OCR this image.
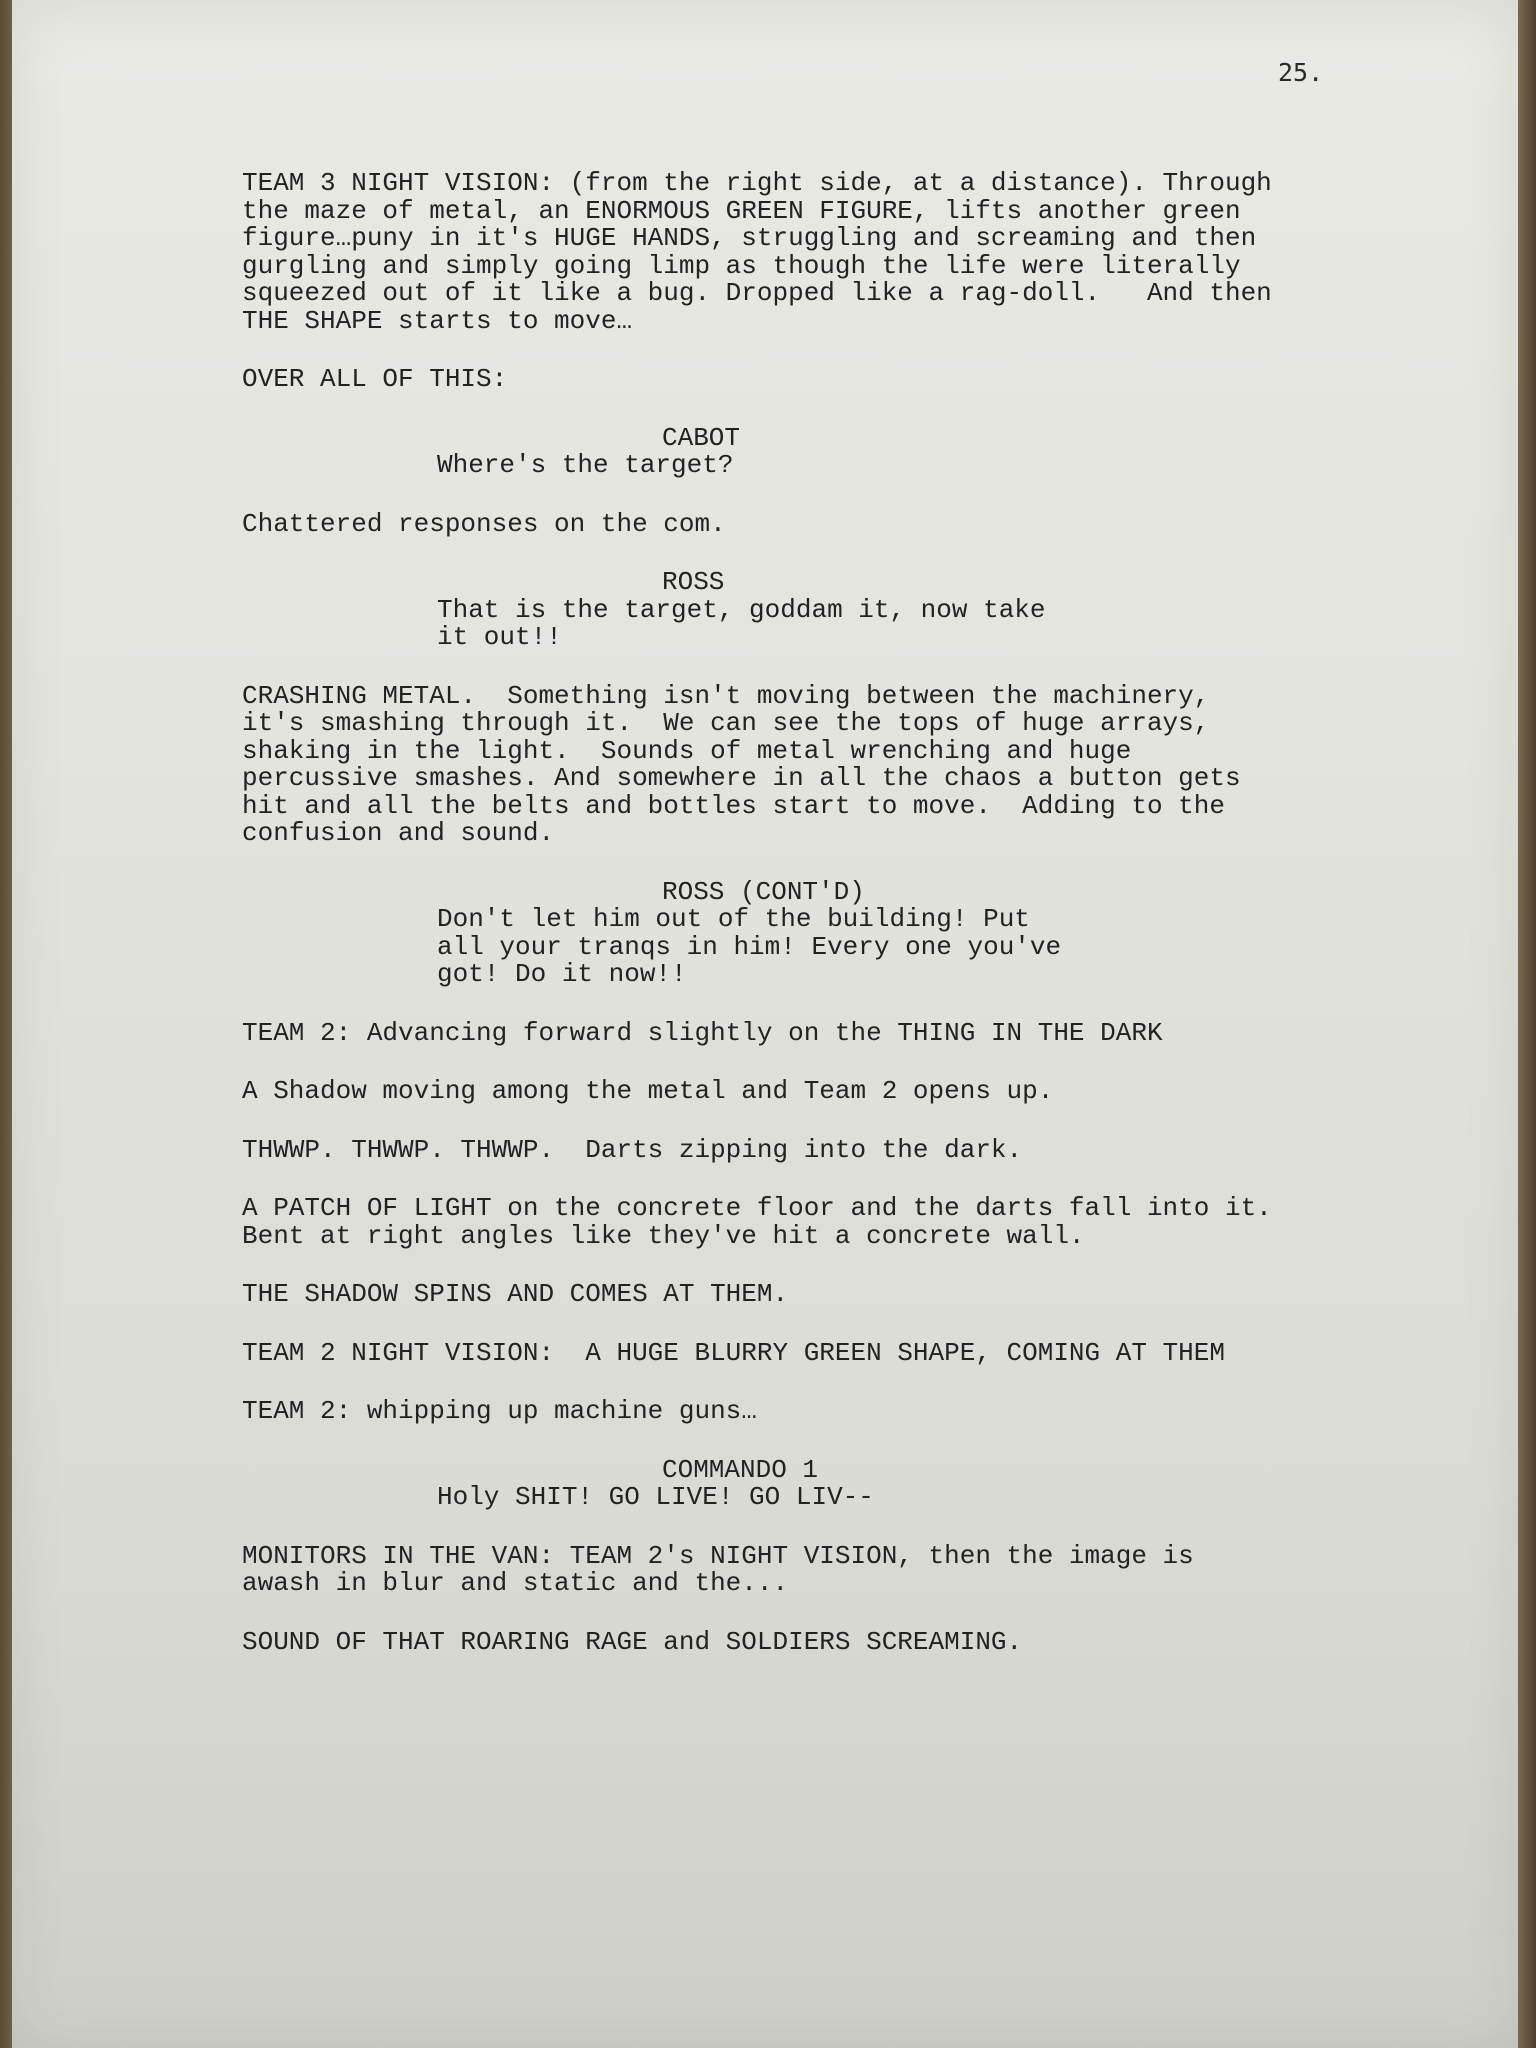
25.
TEAM 3 NIGHT VISION: (from the right side, at a distance). Through
the maze of metal, an ENORMOUS GREEN FIGURE, lifts another green
figure…puny in it's HUGE HANDS, struggling and screaming and then
gurgling and simply going limp as though the life were literally
squeezed out of it like a bug. Dropped like a rag-doll.   And then
THE SHAPE starts to move…
OVER ALL OF THIS:
CABOT
Where's the target?
Chattered responses on the com.
ROSS
That is the target, goddam it, now take
it out!!
CRASHING METAL.  Something isn't moving between the machinery,
it's smashing through it.  We can see the tops of huge arrays,
shaking in the light.  Sounds of metal wrenching and huge
percussive smashes. And somewhere in all the chaos a button gets
hit and all the belts and bottles start to move.  Adding to the
confusion and sound.
ROSS (CONT'D)
Don't let him out of the building! Put
all your tranqs in him! Every one you've
got! Do it now!!
TEAM 2: Advancing forward slightly on the THING IN THE DARK
A Shadow moving among the metal and Team 2 opens up.
THWWP. THWWP. THWWP.  Darts zipping into the dark.
A PATCH OF LIGHT on the concrete floor and the darts fall into it.
Bent at right angles like they've hit a concrete wall.
THE SHADOW SPINS AND COMES AT THEM.
TEAM 2 NIGHT VISION:  A HUGE BLURRY GREEN SHAPE, COMING AT THEM
TEAM 2: whipping up machine guns…
COMMANDO 1
Holy SHIT! GO LIVE! GO LIV--
MONITORS IN THE VAN: TEAM 2's NIGHT VISION, then the image is
awash in blur and static and the...
SOUND OF THAT ROARING RAGE and SOLDIERS SCREAMING.
